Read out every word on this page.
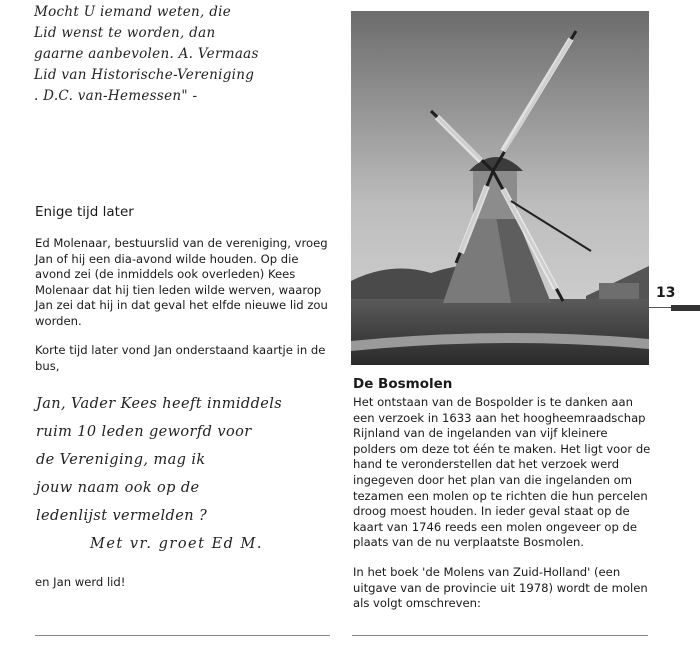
Mocht U iemand weten, die
Lid wenst te worden, dan
gaarne aanbevolen. A. Vermaas
Lid van Historische-Vereniging
. D.C. van-Hemessen" -
Enige tijd later

Ed Molenaar, bestuurslid van de vereniging, vroeg Jan of hij een dia-avond wilde houden. Op die avond zei (de inmiddels ook overleden) Kees Molenaar dat hij tien leden wilde werven, waarop Jan zei dat hij in dat geval het elfde nieuwe lid zou worden.

Korte tijd later vond Jan onderstaand kaartje in de bus,

Jan, Vader Kees heeft inmiddels
ruim 10 leden geworfd voor
de Vereniging, mag ik
jouw naam ook op de
ledenlijst vermelden ?
Met vr. groet Ed M.

en Jan werd lid!

De Bosmolen

Het ontstaan van de Bospolder is te danken aan een verzoek in 1633 aan het hoogheemraadschap Rijnland van de ingelanden van vijf kleinere polders om deze tot één te maken. Het ligt voor de hand te veronderstellen dat het verzoek werd ingegeven door het plan van die ingelanden om tezamen een molen op te richten die hun percelen droog moest houden. In ieder geval staat op de kaart van 1746 reeds een molen ongeveer op de plaats van de nu verplaatste Bosmolen.

In het boek 'de Molens van Zuid-Holland' (een uitgave van de provincie uit 1978) wordt de molen als volgt omschreven:

13
